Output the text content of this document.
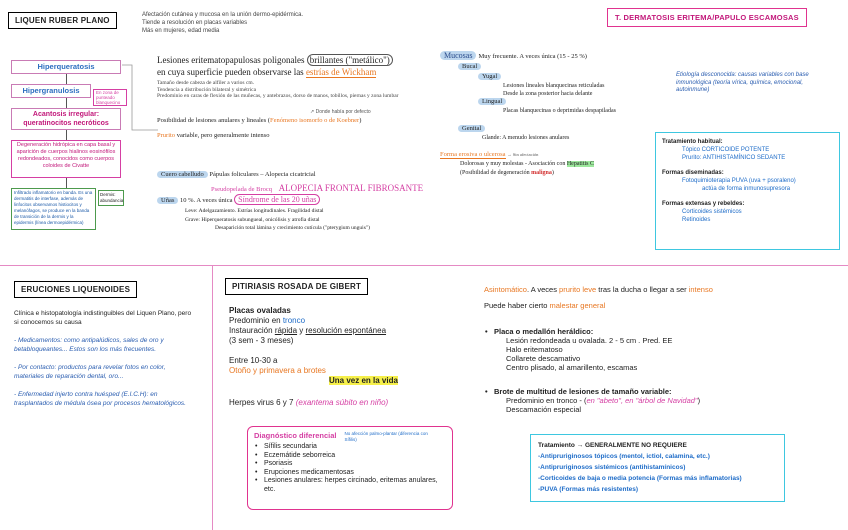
LIQUEN RUBER PLANO
Afectación cutánea y mucosa en la unión dermo-epidérmica.
Tiende a resolución en placas variables
Más en mujeres, edad media
T. DERMATOSIS ERITEMA/PAPULO ESCAMOSAS
Hiperqueratosis
Hipergranulosis	En zona de punteado blanquecino
Acantosis irregular: queratinocitos necróticos
Degeneración hidrópica en capa basal y aparición de cuerpos hialinos eosinófilos redondeados, conocidos como cuerpos coloides de Civatte
Infiltrado inflamatorio en banda. Es una dermatitis de interfase, además de linfocitos observamos histiocitos y melanófagos, se produce en la banda de transición de la dermis y la epidermis (línea dermoepidérmica)
Dermis: abundancia
Lesiones eritematopapulosas poligonales brillantes ("metálico")
en cuya superficie pueden observarse las estrías de Wickham
Tamaño desde cabeza de alfiler a varios cm.
Tendencia a distribución bilateral y simétrica
Predominio en caras de flexión de las muñecas, y antebrazos, dorso de manos, tobillos, piernas y zona lumbar
↗ Donde había por defecto
Posibilidad de lesiones anulares y lineales (Fenómeno isomorfo o de Koebner)
Prurito variable, pero generalmente intenso
Mucosas Muy frecuente. A veces única (15 - 25 %)
Bucal
Yugal
Lesiones lineales blanquecinas reticuladas
Desde la zona posterior hacia delante
Lingual
Placas blanquecinas o deprimidas despapiladas
Genital
Glande: A menudo lesiones anulares
Forma erosiva o ulcerosa → Sin afectación
Dolorosas y muy molestas - Asociación con Hepatitis C
(Posibilidad de degeneración maligna)
Cuero cabelludo Pápulas foliculares – Alopecia cicatricial
Pseudopelada de Brocq ALOPECIA FRONTAL FIBROSANTE
Uñas 10 %. A veces única Síndrome de las 20 uñas
Leve: Adelgazamiento. Estrías longitudinales. Fragilidad distal
Grave: Hiperqueratosis subungueal, onicólisis y atrofia distal
Desaparición total lámina y crecimiento cutícula ("pterygium unguis")
Etiología desconocida: causas variables con base inmunológica (teoría vírica, química, emocional, autoinmune)
Tratamiento habitual:
Tópico CORTICOIDE POTENTE
Prurito: ANTIHISTAMÍNICO SEDANTE
Formas diseminadas:
Fotoquimioterapia PUVA (uva + psoraleno)
actúa de forma inmunosupresora
Formas extensas y rebeldes:
Corticoides sistémicos
Retinoides
ERUCIONES LIQUENOIDES
Clínica e histopatología indistinguibles del Liquen Plano, pero si conocemos su causa
- Medicamentos: como antipalúdicos, sales de oro y betabloqueantes... Estos son los más frecuentes.
- Por contacto: productos para revelar fotos en color, materiales de reparación dental, oro...
- Enfermedad injerto contra huésped (E.I.C.H): en trasplantados de médula ósea por procesos hematológicos.
PITIRIASIS ROSADA DE GIBERT
Placas ovaladas
Predominio en tronco
Instauración rápida y resolución espontánea
(3 sem - 3 meses)
Entre 10-30 a
Otoño y primavera a brotes
Una vez en la vida
Herpes virus 6 y 7 (exantema súbito en niño)
Diagnóstico diferencial No afección palmo-plantar (diferencia con Sífilis)
• Sífilis secundaria
• Eczemátide seborreica
• Psoriasis
• Erupciones medicamentosas
• Lesiones anulares: herpes circinado, eritemas anulares, etc.
Asintomático. A veces prurito leve tras la ducha o llegar a ser intenso
Puede haber cierto malestar general
• Placa o medallón heráldico:
Lesión redondeada u ovalada. 2 - 5 cm . Pred. EE
Halo eritematoso
Collarete descamativo
Centro plisado, al amarillento, escamas
• Brote de multitud de lesiones de tamaño variable:
Predominio en tronco - (en "abeto", en "árbol de Navidad")
Descamación especial
Tratamiento → GENERALMENTE NO REQUIERE
-Antipruriginosos tópicos (mentol, ictiol, calamina, etc.)
-Antipruriginosos sistémicos (antihistamínicos)
-Corticoides de baja o media potencia (Formas más inflamatorias)
-PUVA (Formas más resistentes)
